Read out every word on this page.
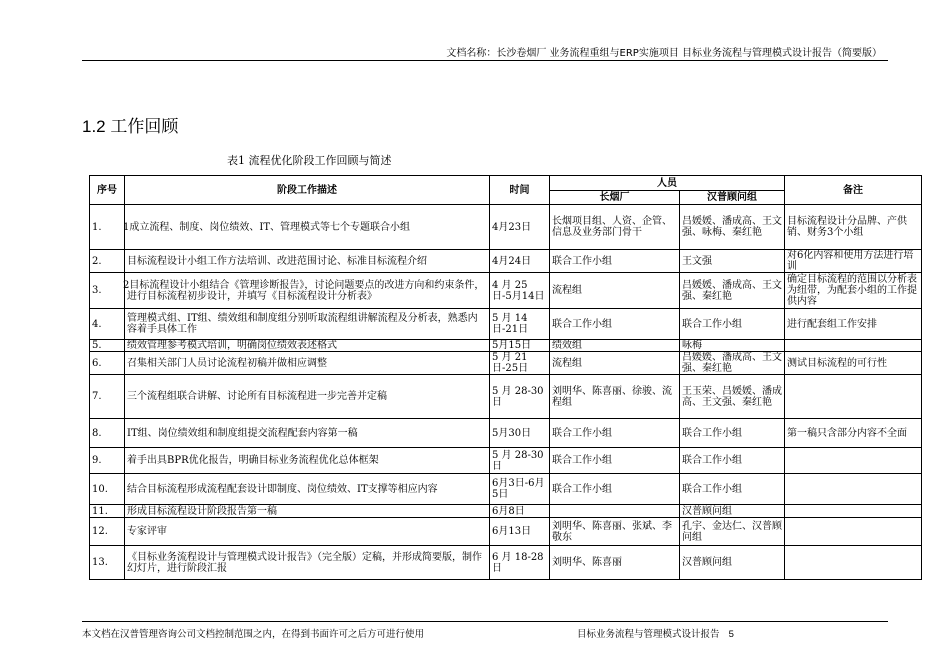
文档名称：长沙卷烟厂 业务流程重组与ERP实施项目 目标业务流程与管理模式设计报告（简要版）
1.2 工作回顾
表1 流程优化阶段工作回顾与简述
序号	阶段工作描述	时间	人员		备注
			长烟厂	汉普顾问组	
1.	1成立流程、制度、岗位绩效、IT、管理模式等七个专题联合小组	4月23日	长烟项目组、人资、企管、信息及业务部门骨干	吕媛媛、潘成高、王文强、咏梅、秦红艳	目标流程设计分品牌、产供销、财务3个小组
2.	目标流程设计小组工作方法培训、改进范围讨论、标准目标流程介绍	4月24日	联合工作小组	王文强	对6化内容和使用方法进行培训
3.	2目标流程设计小组结合《管理诊断报告》，讨论问题要点的改进方向和约束条件，进行目标流程初步设计，并填写《目标流程设计分析表》	4 月 25日-5月14日	流程组	吕媛媛、潘成高、王文强、秦红艳	确定目标流程的范围以分析表为纽带，为配套小组的工作提供内容
4.	管理模式组、IT组、绩效组和制度组分别听取流程组讲解流程及分析表，熟悉内容着手具体工作	5 月 14日-21日	联合工作小组	联合工作小组	进行配套组工作安排
5.	绩效管理参考模式培训，明确岗位绩效表述格式	5月15日	绩效组	咏梅	
6.	召集相关部门人员讨论流程初稿并做相应调整	5 月 21日-25日	流程组	吕媛媛、潘成高、王文强、秦红艳	测试目标流程的可行性
7.	三个流程组联合讲解、讨论所有目标流程进一步完善并定稿	5 月 28-30日	刘明华、陈喜丽、徐骏、流程组	王玉荣、吕媛媛、潘成高、王文强、秦红艳	
8.	IT组、岗位绩效组和制度组提交流程配套内容第一稿	5月30日	联合工作小组	联合工作小组	第一稿只含部分内容不全面
9.	着手出具BPR优化报告，明确目标业务流程优化总体框架	5 月 28-30日	联合工作小组	联合工作小组	
10.	结合目标流程形成流程配套设计即制度、岗位绩效、IT支撑等相应内容	6月3日-6月5日	联合工作小组	联合工作小组	
11.	形成目标流程设计阶段报告第一稿	6月8日		汉普顾问组	
12.	专家评审	6月13日	刘明华、陈喜丽、张斌、李敬东	孔宇、金达仁、汉普顾问组	
13.	《目标业务流程设计与管理模式设计报告》（完全版）定稿，并形成简要版，制作幻灯片，进行阶段汇报	6 月 18-28日	刘明华、陈喜丽	汉普顾问组	
本文档在汉普管理咨询公司文档控制范围之内，在得到书面许可之后方可进行使用	目标业务流程与管理模式设计报告 5
